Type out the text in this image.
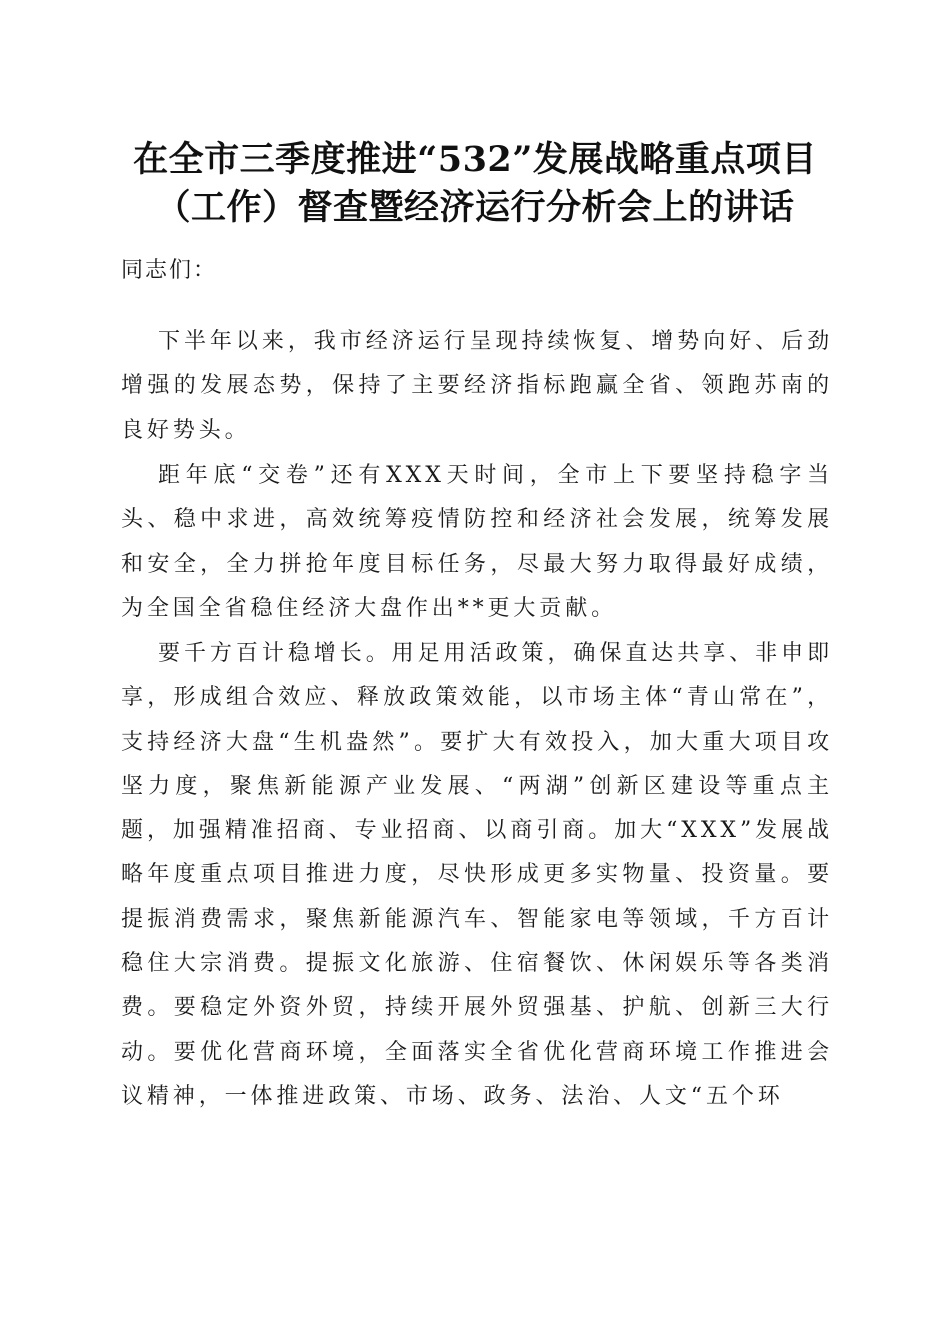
在全市三季度推进“532”发展战略重点项目
（工作）督查暨经济运行分析会上的讲话
同志们：

下半年以来，我市经济运行呈现持续恢复、增势向好、后劲增强的发展态势，保持了主要经济指标跑赢全省、领跑苏南的良好势头。

距年底“交卷”还有XXX天时间，全市上下要坚持稳字当头、稳中求进，高效统筹疫情防控和经济社会发展，统筹发展和安全，全力拼抢年度目标任务，尽最大努力取得最好成绩，为全国全省稳住经济大盘作出**更大贡献。

要千方百计稳增长。用足用活政策，确保直达共享、非申即享，形成组合效应、释放政策效能，以市场主体“青山常在”，支持经济大盘“生机盎然”。要扩大有效投入，加大重大项目攻坚力度，聚焦新能源产业发展、“两湖”创新区建设等重点主题，加强精准招商、专业招商、以商引商。加大“XXX”发展战略年度重点项目推进力度，尽快形成更多实物量、投资量。要提振消费需求，聚焦新能源汽车、智能家电等领域，千方百计稳住大宗消费。提振文化旅游、住宿餐饮、休闲娱乐等各类消费。要稳定外资外贸，持续开展外贸强基、护航、创新三大行动。要优化营商环境，全面落实全省优化营商环境工作推进会议精神，一体推进政策、市场、政务、法治、人文“五个环
